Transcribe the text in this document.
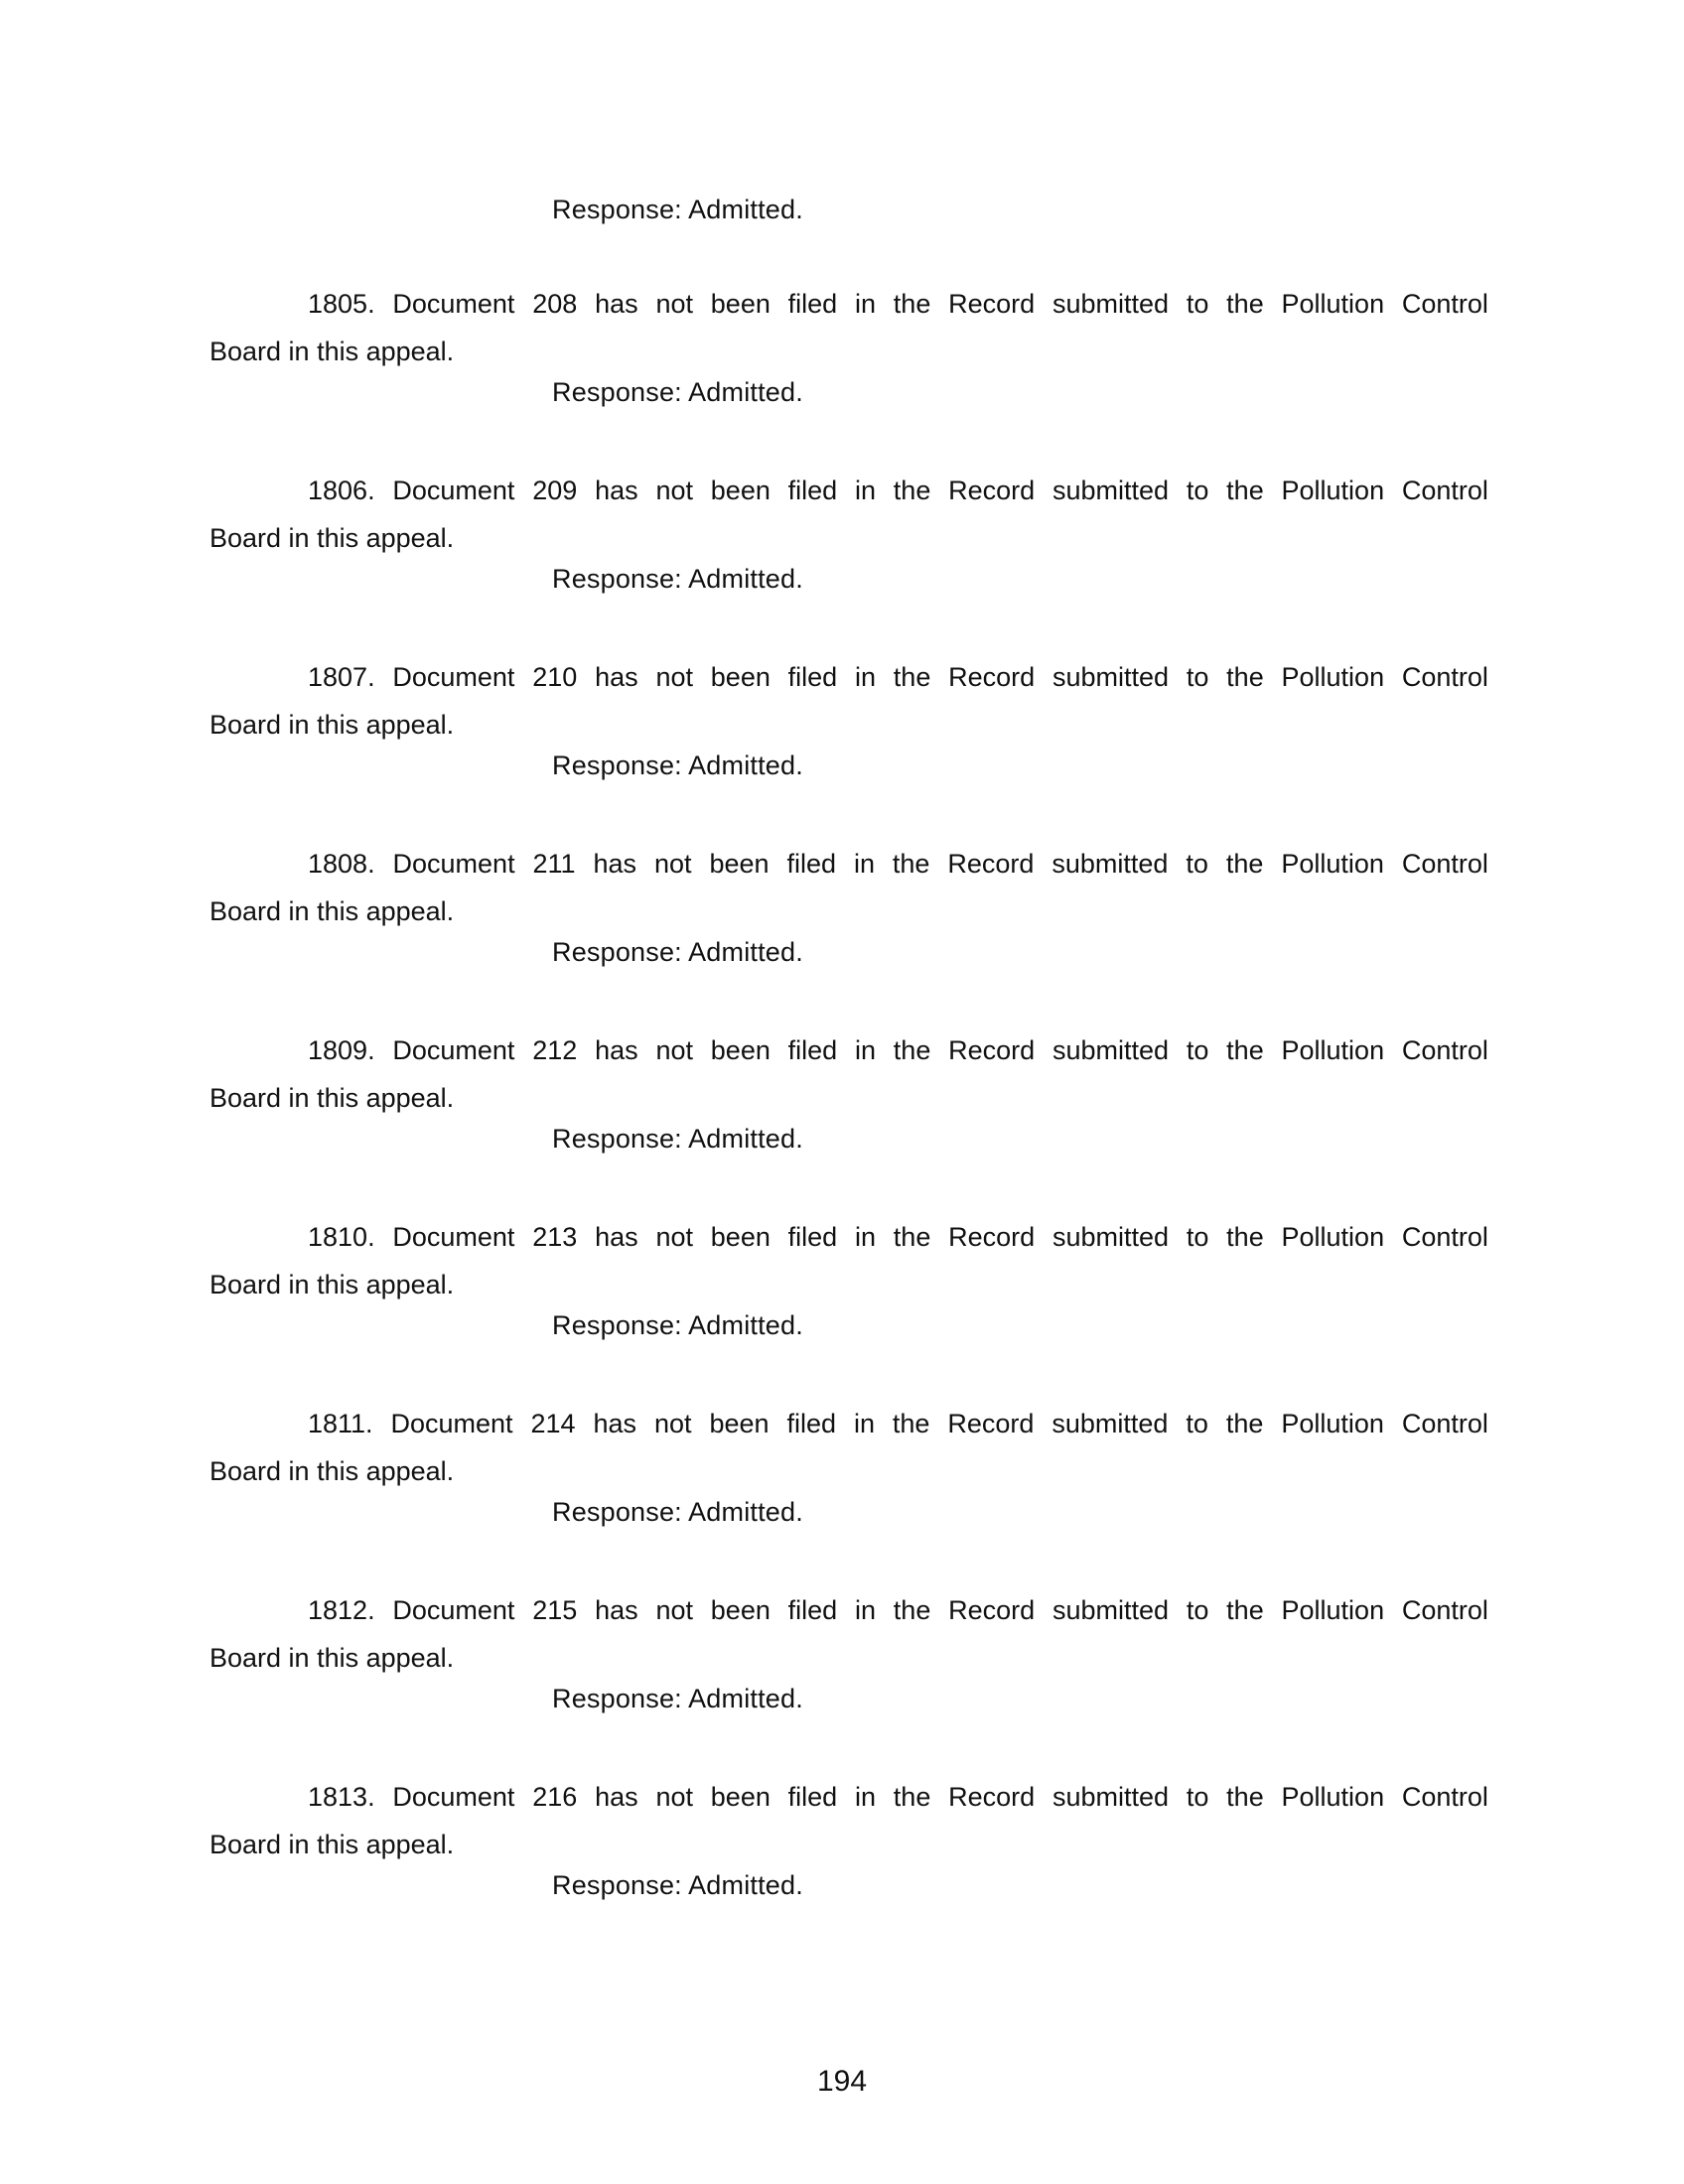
Response: Admitted.
1805. Document 208 has not been filed in the Record submitted to the Pollution Control
Board in this appeal.
Response: Admitted.
1806. Document 209 has not been filed in the Record submitted to the Pollution Control
Board in this appeal.
Response: Admitted.
1807. Document 210 has not been filed in the Record submitted to the Pollution Control
Board in this appeal.
Response: Admitted.
1808. Document 211 has not been filed in the Record submitted to the Pollution Control
Board in this appeal.
Response: Admitted.
1809. Document 212 has not been filed in the Record submitted to the Pollution Control
Board in this appeal.
Response: Admitted.
1810. Document 213 has not been filed in the Record submitted to the Pollution Control
Board in this appeal.
Response: Admitted.
1811. Document 214 has not been filed in the Record submitted to the Pollution Control
Board in this appeal.
Response: Admitted.
1812. Document 215 has not been filed in the Record submitted to the Pollution Control
Board in this appeal.
Response: Admitted.
1813. Document 216 has not been filed in the Record submitted to the Pollution Control
Board in this appeal.
Response: Admitted.
194
